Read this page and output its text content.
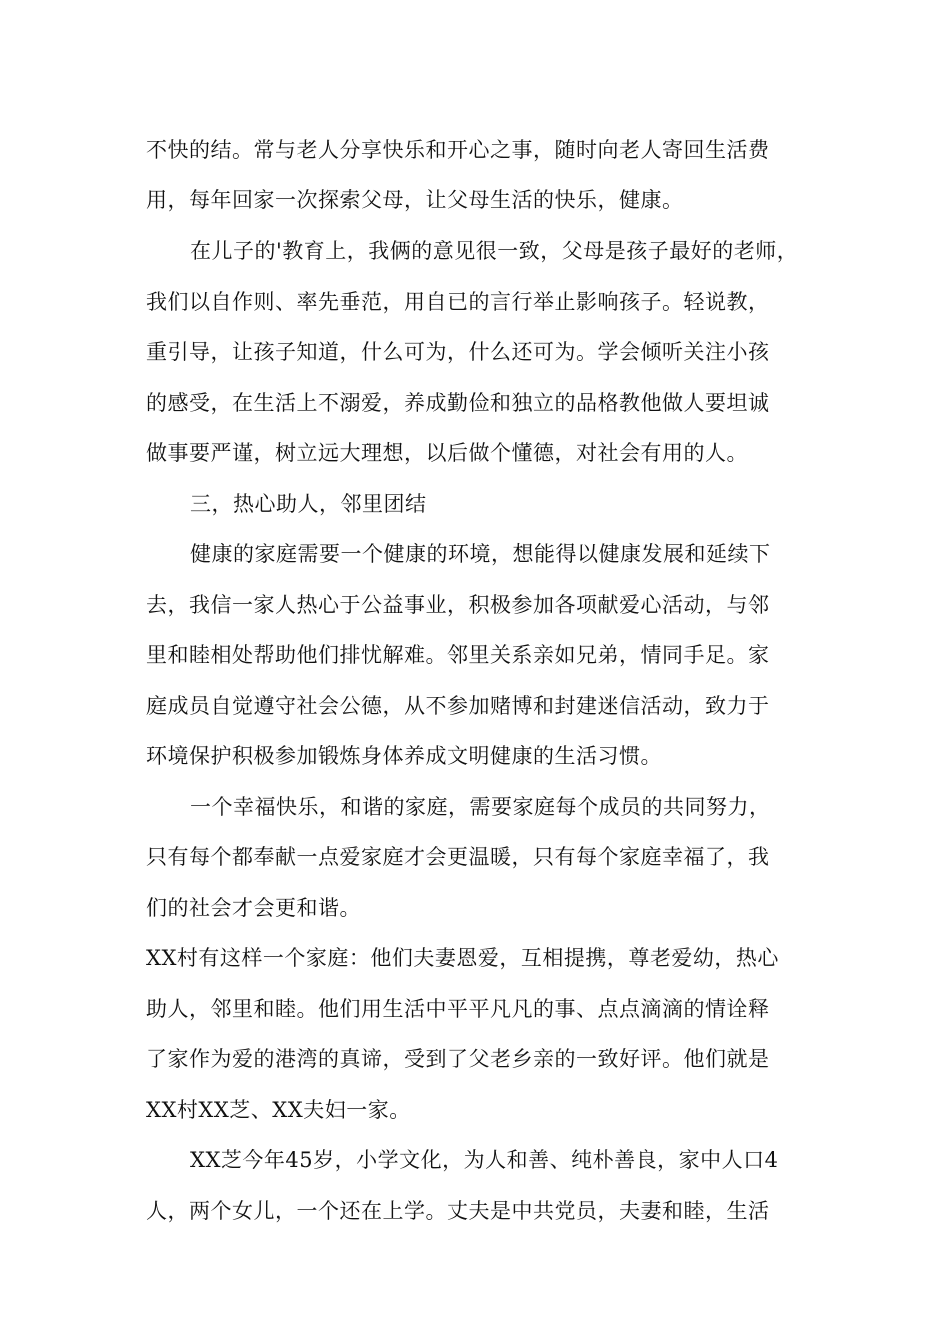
不快的结。常与老人分享快乐和开心之事，随时向老人寄回生活费
用，每年回家一次探索父母，让父母生活的快乐，健康。
在儿子的'教育上，我俩的意见很一致，父母是孩子最好的老师，
我们以自作则、率先垂范，用自已的言行举止影响孩子。轻说教，
重引导，让孩子知道，什么可为，什么还可为。学会倾听关注小孩
的感受，在生活上不溺爱，养成勤俭和独立的品格教他做人要坦诚
做事要严谨，树立远大理想，以后做个懂德，对社会有用的人。
三，热心助人，邻里团结
健康的家庭需要一个健康的环境，想能得以健康发展和延续下
去，我信一家人热心于公益事业，积极参加各项献爱心活动，与邻
里和睦相处帮助他们排忧解难。邻里关系亲如兄弟，情同手足。家
庭成员自觉遵守社会公德，从不参加赌博和封建迷信活动，致力于
环境保护积极参加锻炼身体养成文明健康的生活习惯。
一个幸福快乐，和谐的家庭，需要家庭每个成员的共同努力，
只有每个都奉献一点爱家庭才会更温暖，只有每个家庭幸福了，我
们的社会才会更和谐。
XX村有这样一个家庭：他们夫妻恩爱，互相提携，尊老爱幼，热心
助人，邻里和睦。他们用生活中平平凡凡的事、点点滴滴的情诠释
了家作为爱的港湾的真谛，受到了父老乡亲的一致好评。他们就是
XX村XX芝、XX夫妇一家。
XX芝今年45岁，小学文化，为人和善、纯朴善良，家中人口4
人，两个女儿，一个还在上学。丈夫是中共党员，夫妻和睦，生活
